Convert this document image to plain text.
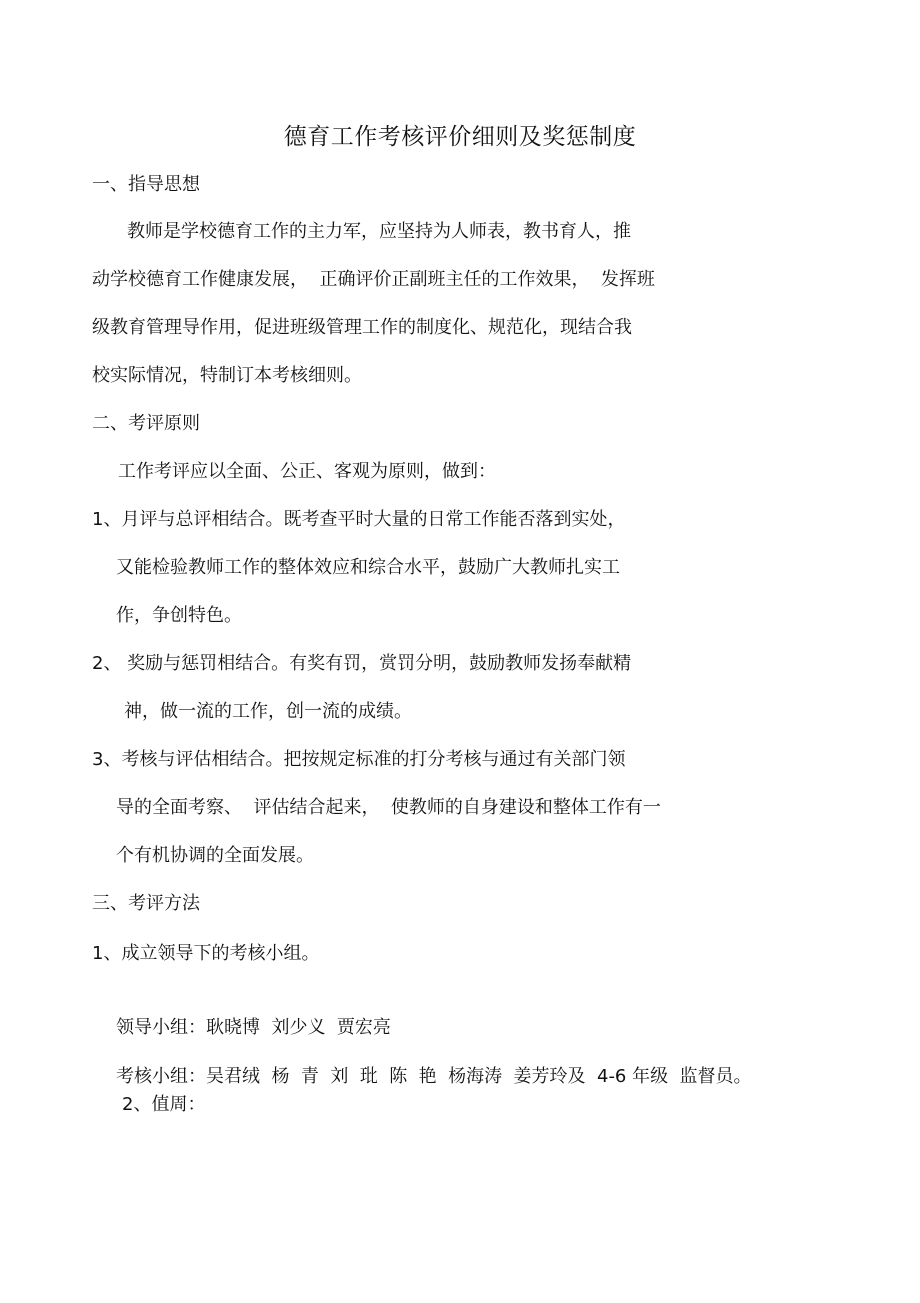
德育工作考核评价细则及奖惩制度
一、指导思想
教师是学校德育工作的主力军，应坚持为人师表，教书育人，推
动学校德育工作健康发展，  正确评价正副班主任的工作效果，  发挥班
级教育管理导作用，促进班级管理工作的制度化、规范化，现结合我
校实际情况，特制订本考核细则。
二、考评原则
工作考评应以全面、公正、客观为原则，做到：
1、月评与总评相结合。既考查平时大量的日常工作能否落到实处，
又能检验教师工作的整体效应和综合水平，鼓励广大教师扎实工
作，争创特色。
2、 奖励与惩罚相结合。有奖有罚，赏罚分明，鼓励教师发扬奉献精
神，做一流的工作，创一流的成绩。
3、考核与评估相结合。把按规定标准的打分考核与通过有关部门领
导的全面考察、  评估结合起来，  使教师的自身建设和整体工作有一
个有机协调的全面发展。
三、考评方法
1、成立领导下的考核小组。
领导小组：耿晓博  刘少义  贾宏亮
考核小组：吴君绒  杨  青  刘  玭  陈  艳  杨海涛  姜芳玲及  4-6 年级  监督员。
2、值周：
